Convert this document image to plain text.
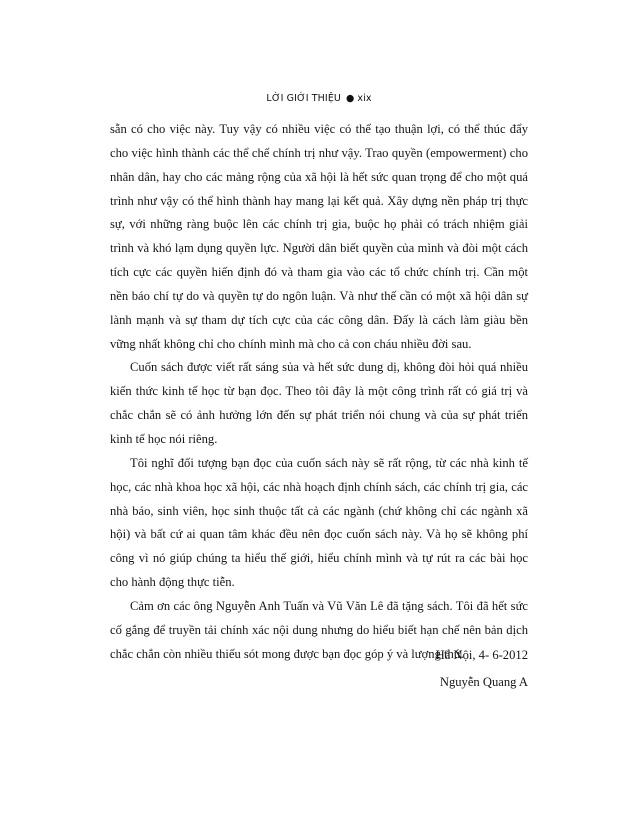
LỜI GIỚI THIỆU ● xix

sẵn có cho việc này. Tuy vậy có nhiều việc có thể tạo thuận lợi, có thể thúc đẩy cho việc hình thành các thể chế chính trị như vậy. Trao quyền (empowerment) cho nhân dân, hay cho các mảng rộng của xã hội là hết sức quan trọng để cho một quá trình như vậy có thể hình thành hay mang lại kết quả. Xây dựng nền pháp trị thực sự, với những ràng buộc lên các chính trị gia, buộc họ phải có trách nhiệm giải trình và khó lạm dụng quyền lực. Người dân biết quyền của mình và đòi một cách tích cực các quyền hiến định đó và tham gia vào các tổ chức chính trị. Cần một nền báo chí tự do và quyền tự do ngôn luận. Và như thế cần có một xã hội dân sự lành mạnh và sự tham dự tích cực của các công dân. Đấy là cách làm giàu bền vững nhất không chỉ cho chính mình mà cho cả con cháu nhiều đời sau.

Cuốn sách được viết rất sáng sủa và hết sức dung dị, không đòi hỏi quá nhiều kiến thức kinh tế học từ bạn đọc. Theo tôi đây là một công trình rất có giá trị và chắc chắn sẽ có ảnh hưởng lớn đến sự phát triển nói chung và của sự phát triển kinh tế học nói riêng.

Tôi nghĩ đối tượng bạn đọc của cuốn sách này sẽ rất rộng, từ các nhà kinh tế học, các nhà khoa học xã hội, các nhà hoạch định chính sách, các chính trị gia, các nhà báo, sinh viên, học sinh thuộc tất cả các ngành (chứ không chỉ các ngành xã hội) và bất cứ ai quan tâm khác đều nên đọc cuốn sách này. Và họ sẽ không phí công vì nó giúp chúng ta hiểu thế giới, hiểu chính mình và tự rút ra các bài học cho hành động thực tiễn.

Cảm ơn các ông Nguyễn Anh Tuấn và Vũ Văn Lê đã tặng sách. Tôi đã hết sức cố gắng để truyền tải chính xác nội dung nhưng do hiểu biết hạn chế nên bản dịch chắc chắn còn nhiều thiếu sót mong được bạn đọc góp ý và lượng thứ.

Hà Nội, 4- 6-2012
Nguyễn Quang A
